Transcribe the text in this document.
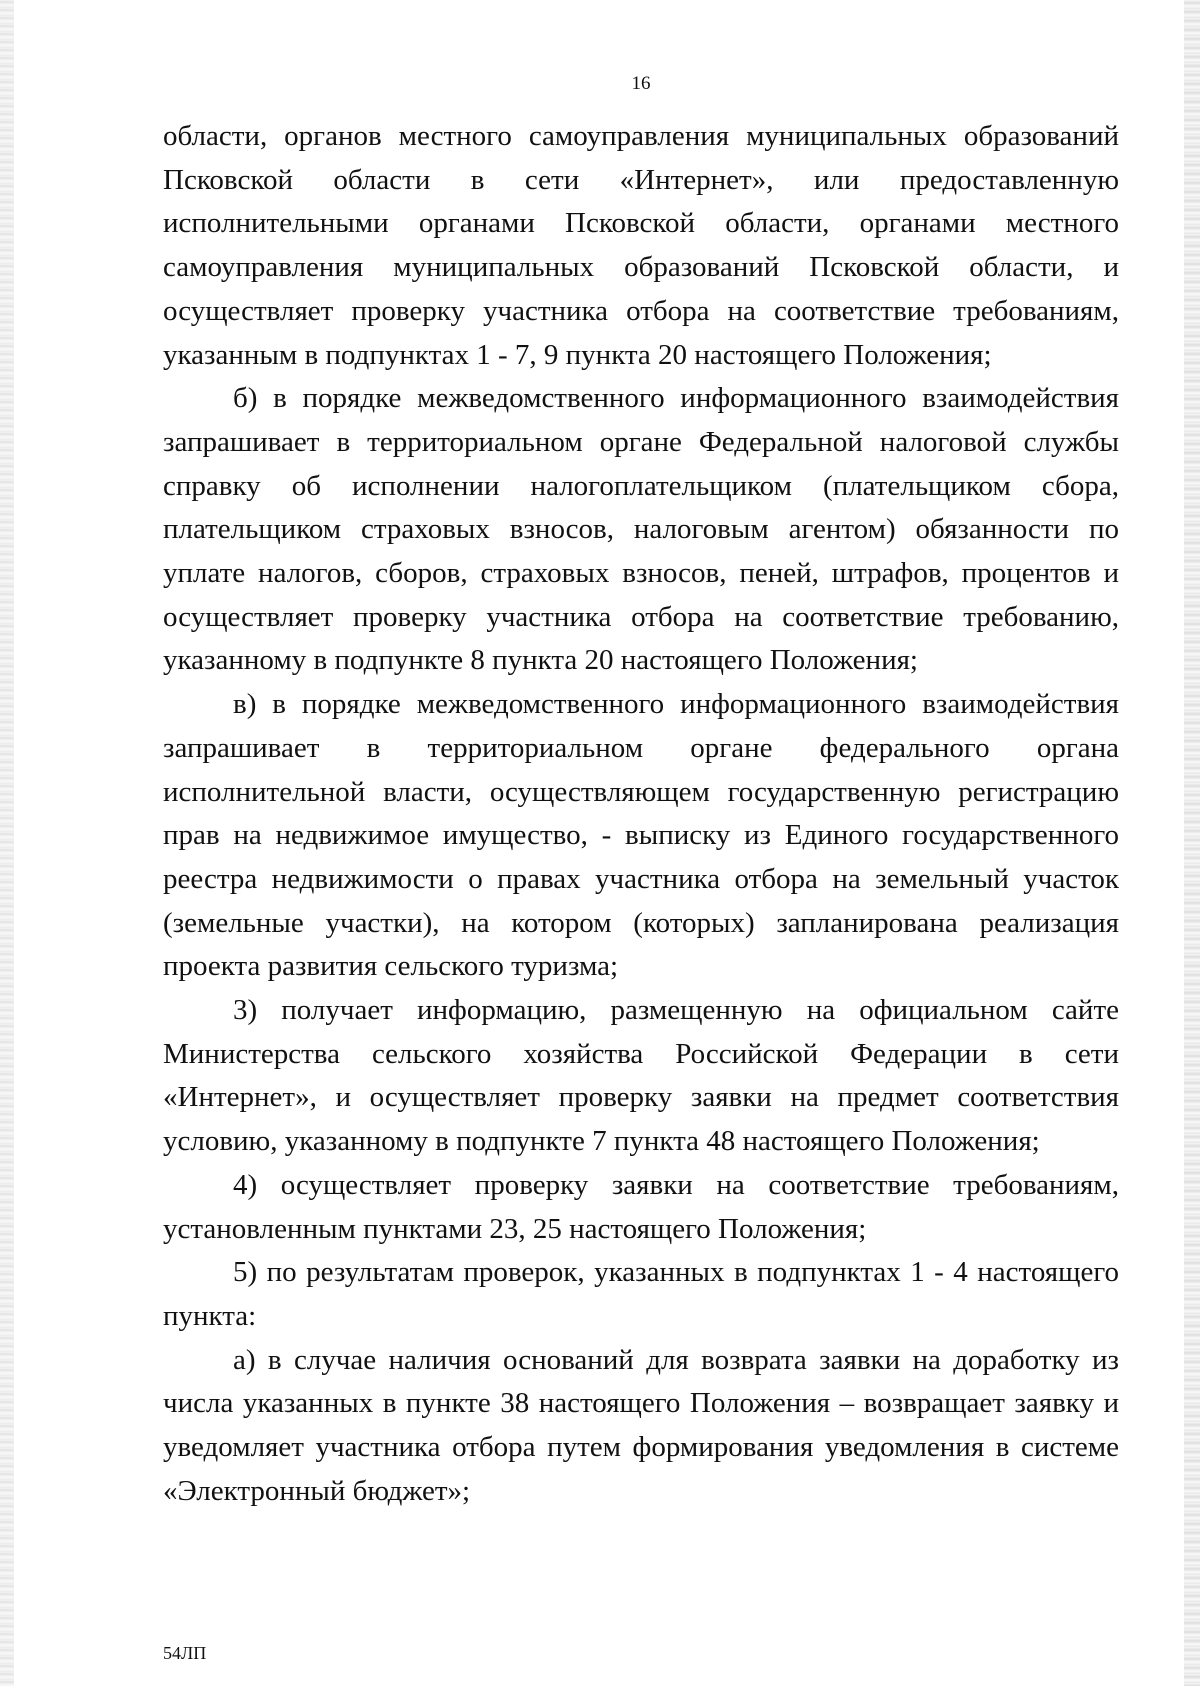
16

области, органов местного самоуправления муниципальных образований Псковской области в сети «Интернет», или предоставленную исполнительными органами Псковской области, органами местного самоуправления муниципальных образований Псковской области, и осуществляет проверку участника отбора на соответствие требованиям, указанным в подпунктах 1 - 7, 9 пункта 20 настоящего Положения;

б) в порядке межведомственного информационного взаимодействия запрашивает в территориальном органе Федеральной налоговой службы справку об исполнении налогоплательщиком (плательщиком сбора, плательщиком страховых взносов, налоговым агентом) обязанности по уплате налогов, сборов, страховых взносов, пеней, штрафов, процентов и осуществляет проверку участника отбора на соответствие требованию, указанному в подпункте 8 пункта 20 настоящего Положения;

в) в порядке межведомственного информационного взаимодействия запрашивает в территориальном органе федерального органа исполнительной власти, осуществляющем государственную регистрацию прав на недвижимое имущество, - выписку из Единого государственного реестра недвижимости о правах участника отбора на земельный участок (земельные участки), на котором (которых) запланирована реализация проекта развития сельского туризма;

3) получает информацию, размещенную на официальном сайте Министерства сельского хозяйства Российской Федерации в сети «Интернет», и осуществляет проверку заявки на предмет соответствия условию, указанному в подпункте 7 пункта 48 настоящего Положения;

4) осуществляет проверку заявки на соответствие требованиям, установленным пунктами 23, 25 настоящего Положения;

5) по результатам проверок, указанных в подпунктах 1 - 4 настоящего пункта:

а) в случае наличия оснований для возврата заявки на доработку из числа указанных в пункте 38 настоящего Положения – возвращает заявку и уведомляет участника отбора путем формирования уведомления в системе «Электронный бюджет»;

54ЛП
